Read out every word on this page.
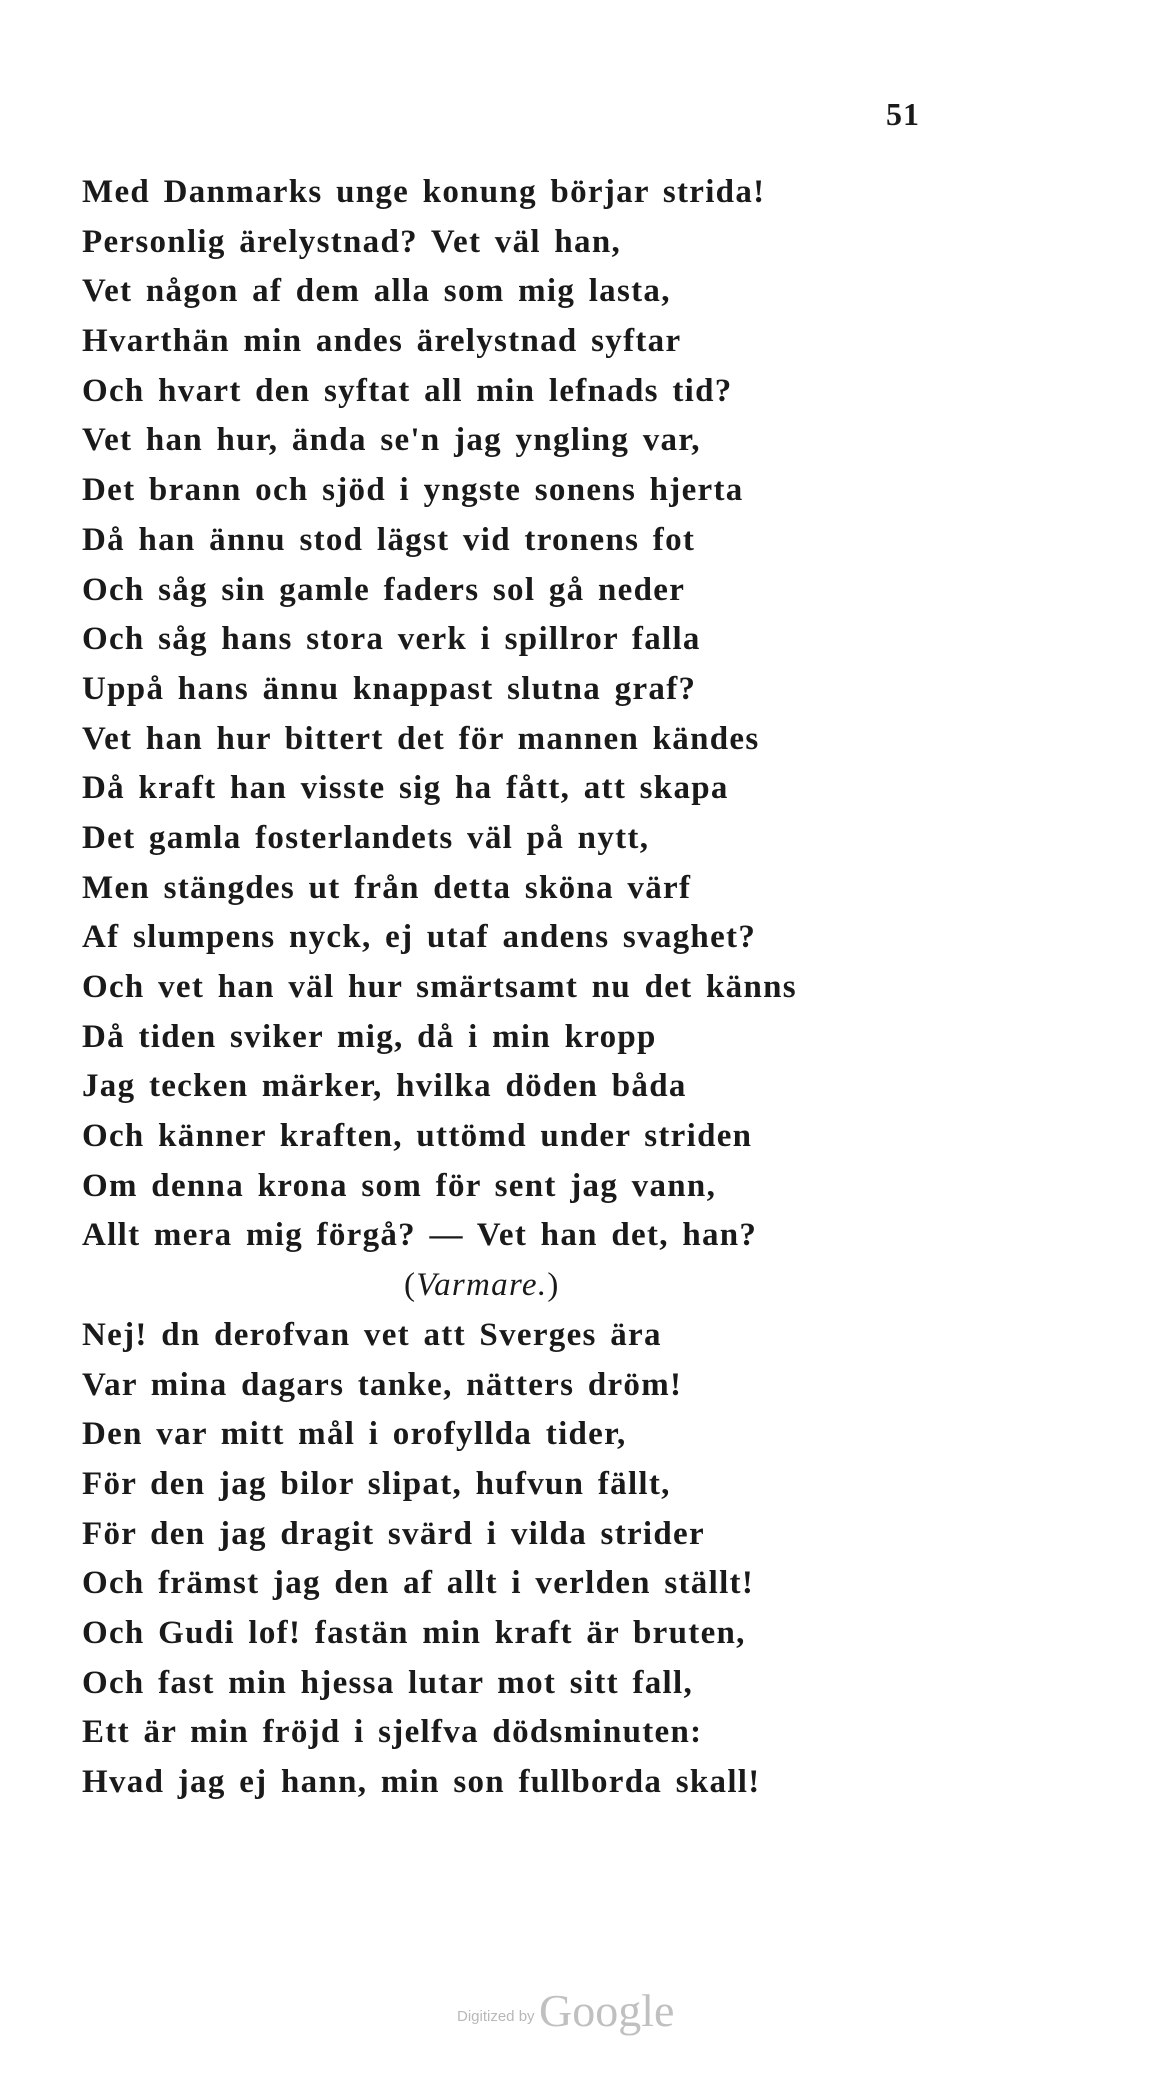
51
Med Danmarks unge konung börjar strida!
Personlig ärelystnad? Vet väl han,
Vet någon af dem alla som mig lasta,
Hvarthän min andes ärelystnad syftar
Och hvart den syftat all min lefnads tid?
Vet han hur, ända se'n jag yngling var,
Det brann och sjöd i yngste sonens hjerta
Då han ännu stod lägst vid tronens fot
Och såg sin gamle faders sol gå neder
Och såg hans stora verk i spillror falla
Uppå hans ännu knappast slutna graf?
Vet han hur bittert det för mannen kändes
Då kraft han visste sig ha fått, att skapa
Det gamla fosterlandets väl på nytt,
Men stängdes ut från detta sköna värf
Af slumpens nyck, ej utaf andens svaghet?
Och vet han väl hur smärtsamt nu det känns
Då tiden sviker mig, då i min kropp
Jag tecken märker, hvilka döden båda
Och känner kraften, uttömd under striden
Om denna krona som för sent jag vann,
Allt mera mig förgå? — Vet han det, han?
(Varmare.)
Nej! dn derofvan vet att Sverges ära
Var mina dagars tanke, nätters dröm!
Den var mitt mål i orofyllda tider,
För den jag bilor slipat, hufvun fällt,
För den jag dragit svärd i vilda strider
Och främst jag den af allt i verlden ställt!
Och Gudi lof! fastän min kraft är bruten,
Och fast min hjessa lutar mot sitt fall,
Ett är min fröjd i sjelfva dödsminuten:
Hvad jag ej hann, min son fullborda skall!
Digitized by Google
